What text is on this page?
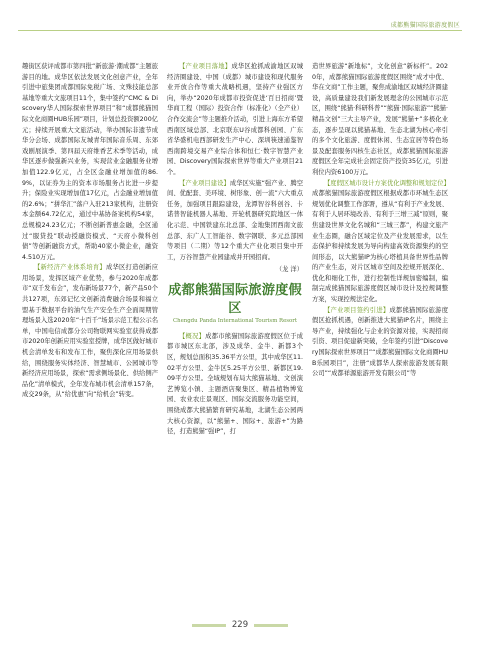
成都熊猫国际旅游度假区

趣街区获评成都市第四批“新旅游·潮成都”主题旅游目的地。成华区依法发展文化创意产业，全年引进中旅集团成都国际免税广场、文殊技能总部基地等重大文旅项目11个，集中签约“CMC & Discovery华人国际探索世界项目”和“成都熊猫国际文化商圈HUB乐园”项目，计划总投资额200亿元；持续开展重大文旅活动，举办国际非遗节成华分会场、成都国际友城青年国际音乐周、东郊戏剧展演季、第四届天府维香艺术季等活动，成华区逐步做强新兴业务，实现营业金融服务业增加值122.9亿元，占全区金融业增加值的86.9%，以证券为主的资本市场服务占比进一步提升；保险业实现增加值17亿元，占金融业增加值的2.6%；“拼华汇”落户入驻213家机构，注册资本金额64.72亿元，通过中基协备案机构54家，总规模24.23亿元；不断创新普惠金融，全区通过“服贷投”联动授融资模式、“天府小微科创债”等创新融资方式，帮助40家小微企业，融资4.510万元。

【新经济产业体系培育】成华区打造创新应用场景，发挥区域产业优势，参与2020年成都市“双千发布会”，发布新场景77个，新产品50个共127项，东郊记忆文创新消费融合场景和福立盟基于数据平台的油气生产安全生产全面周期管理场景入选2020年“十百千”场景示范工程公示名单，中国电信成都分公司物联网实验室获得成都市2020年创新应用实验室授牌，成华区做好城市机会清单发布和发布工作，聚焦深化应用场景供给，围绕服务实体经济、智慧城市、公园城市等新经济应用场景，探索“需求侧场景化、供给侧产品化”清单模式，全年发布城市机会清单157条，成交29条，从“给优惠”向“给机会”转变。

【产业项目落地】成华区抢抓成渝地区双城经济圈建设、中国（成都）城市建设和现代服务业开放合作等重大战略机遇，坚持产业强区方向，举办“2020年成都市投资促进‘百日招商’暨华商工程（国际）投资合作（标准化）（全产业）合作交流会”等主题推介活动，引进上海东方希望西南区域总部、北京联东U谷成都科创园、广东省华盛机电西部研发生产中心、深圳筷速通鉴智西南跨境交易产业综合体和恒仁·数字智慧产业园、Discovery国际探索世界等重大产业项目21个。

【产业项目建设】成华区实施“强产业、腾空间、优配套、美环境、树形象、创一流”六大重点任务，加强项目跟踪建设，龙潭智谷科创谷、卡诺普智能机器人基地、开轮机器研究院地区一体化示范、中国铁建东北总部、金地集团西南文旅总部、东广人工智能谷、数字钢联、多元总部园等项目（二期）等12个重大产业化项目集中开工，万谷智慧产业园建成并开园招商。

（龙 洋）
成都熊猫国际旅游度假区
Chengdu Panda International Tourism Resort

【概况】成都市熊猫国际旅游度假区位于成都市城区东北部，涉及成华、金牛、新都3个区，规划总面积35.36平方公里，其中成华区11.02平方公里、金牛区5.25平方公里、新都区19.09平方公里。全域规划布局大熊猫基地、文创演艺博览小镇、主题酒店聚集区、精品植物博览园、农业农庄景观区、国际交流服务功能空间，围绕成都大熊猫繁育研究基地，北湖生态公园两大核心资源，以“熊猫+、国际+、旅游+”为路径，打造熊猫“强IP”，打

造世界旅游“新地标”，文化创意“新标杆”。2020年，成都熊猫国际旅游度假区围绕“成才中优、华在文商”工作主题，聚焦成渝地区双城经济圈建设，高质量建设我们新发展理念的公园城市示范区，围绕“熊猫·科研科普”“熊猫·国际旅游”“熊猫·精品文创”三大主导产业，发展“熊猫+”多极化业态，逐步呈现以熊猫基地、生态北湖为核心牵引的多个文化旅游、度假休闲、生态宜居等特色场景及配套服务四核生态社区，成都熊猫国际旅游度假区全年完成社会固定资产投资35亿元，引进利位内资6100万元。

【度假区城市设计方案优化调整和规划定位】成都熊猫国际旅游度假区根据成都市环城生态区规划优化调整工作部署，遵从“有利于产业发展、有利于人居环境改善、有利于三增三减”原则，聚焦建设世界文化名城和“三城三都”，构建文旅产业生态圈，融合区域定位及产业发展需求，以生态保护和持续发展为导向构建高效资源集约的空间形态，以大熊猫IP为核心塔植具备世界性品牌的产业生态，对片区城市空间及控规开展深化、优化和细化工作，进行控制性详规加密编制，编制完成熊猫国际旅游度假区城市设计及控规调整方案，实现控规法定化。

【产业项目签约引进】成都熊猫国际旅游度假区抢抓机遇，创新推进大熊猫IP名片，围绕主导产业，持续强化与企业的资源对接，实现招商引资、项目促建新突破，全年签约引进“Discovery国际探索世界项目”“成都熊猫国际文化商圈HUB乐园项目”，注册“成都华人探索旅游发展有限公司”“成都祥源旅游开发有限公司”等

229
